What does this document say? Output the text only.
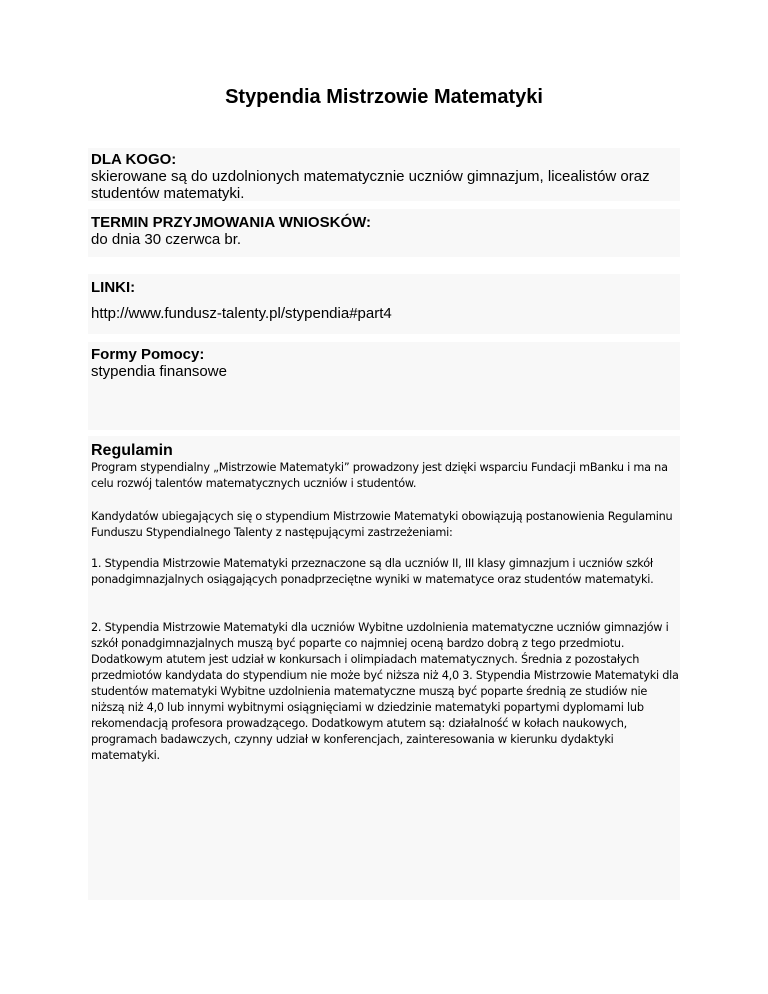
Stypendia Mistrzowie Matematyki
DLA KOGO:
skierowane są do uzdolnionych matematycznie uczniów gimnazjum, licealistów oraz studentów matematyki.
TERMIN PRZYJMOWANIA WNIOSKÓW:
do dnia 30 czerwca br.
LINKI:
http://www.fundusz-talenty.pl/stypendia#part4
Formy Pomocy:
stypendia finansowe
Regulamin
Program stypendialny „Mistrzowie Matematyki” prowadzony jest dzięki wsparciu Fundacji mBanku i ma na celu rozwój talentów matematycznych uczniów i studentów.
Kandydatów ubiegających się o stypendium Mistrzowie Matematyki obowiązują postanowienia Regulaminu Funduszu Stypendialnego Talenty z następującymi zastrzeżeniami:
1. Stypendia Mistrzowie Matematyki przeznaczone są dla uczniów II, III klasy gimnazjum i uczniów szkół ponadgimnazjalnych osiągających ponadprzeciętne wyniki w matematyce oraz studentów matematyki.
2. Stypendia Mistrzowie Matematyki dla uczniów Wybitne uzdolnienia matematyczne uczniów gimnazjów i szkół ponadgimnazjalnych muszą być poparte co najmniej oceną bardzo dobrą z tego przedmiotu. Dodatkowym atutem jest udział w konkursach i olimpiadach matematycznych. Średnia z pozostałych przedmiotów kandydata do stypendium nie może być niższa niż 4,0 3. Stypendia Mistrzowie Matematyki dla studentów matematyki Wybitne uzdolnienia matematyczne muszą być poparte średnią ze studiów nie niższą niż 4,0 lub innymi wybitnymi osiągnięciami w dziedzinie matematyki popartymi dyplomami lub rekomendacją profesora prowadzącego. Dodatkowym atutem są: działalność w kołach naukowych, programach badawczych, czynny udział w konferencjach, zainteresowania w kierunku dydaktyki matematyki.
